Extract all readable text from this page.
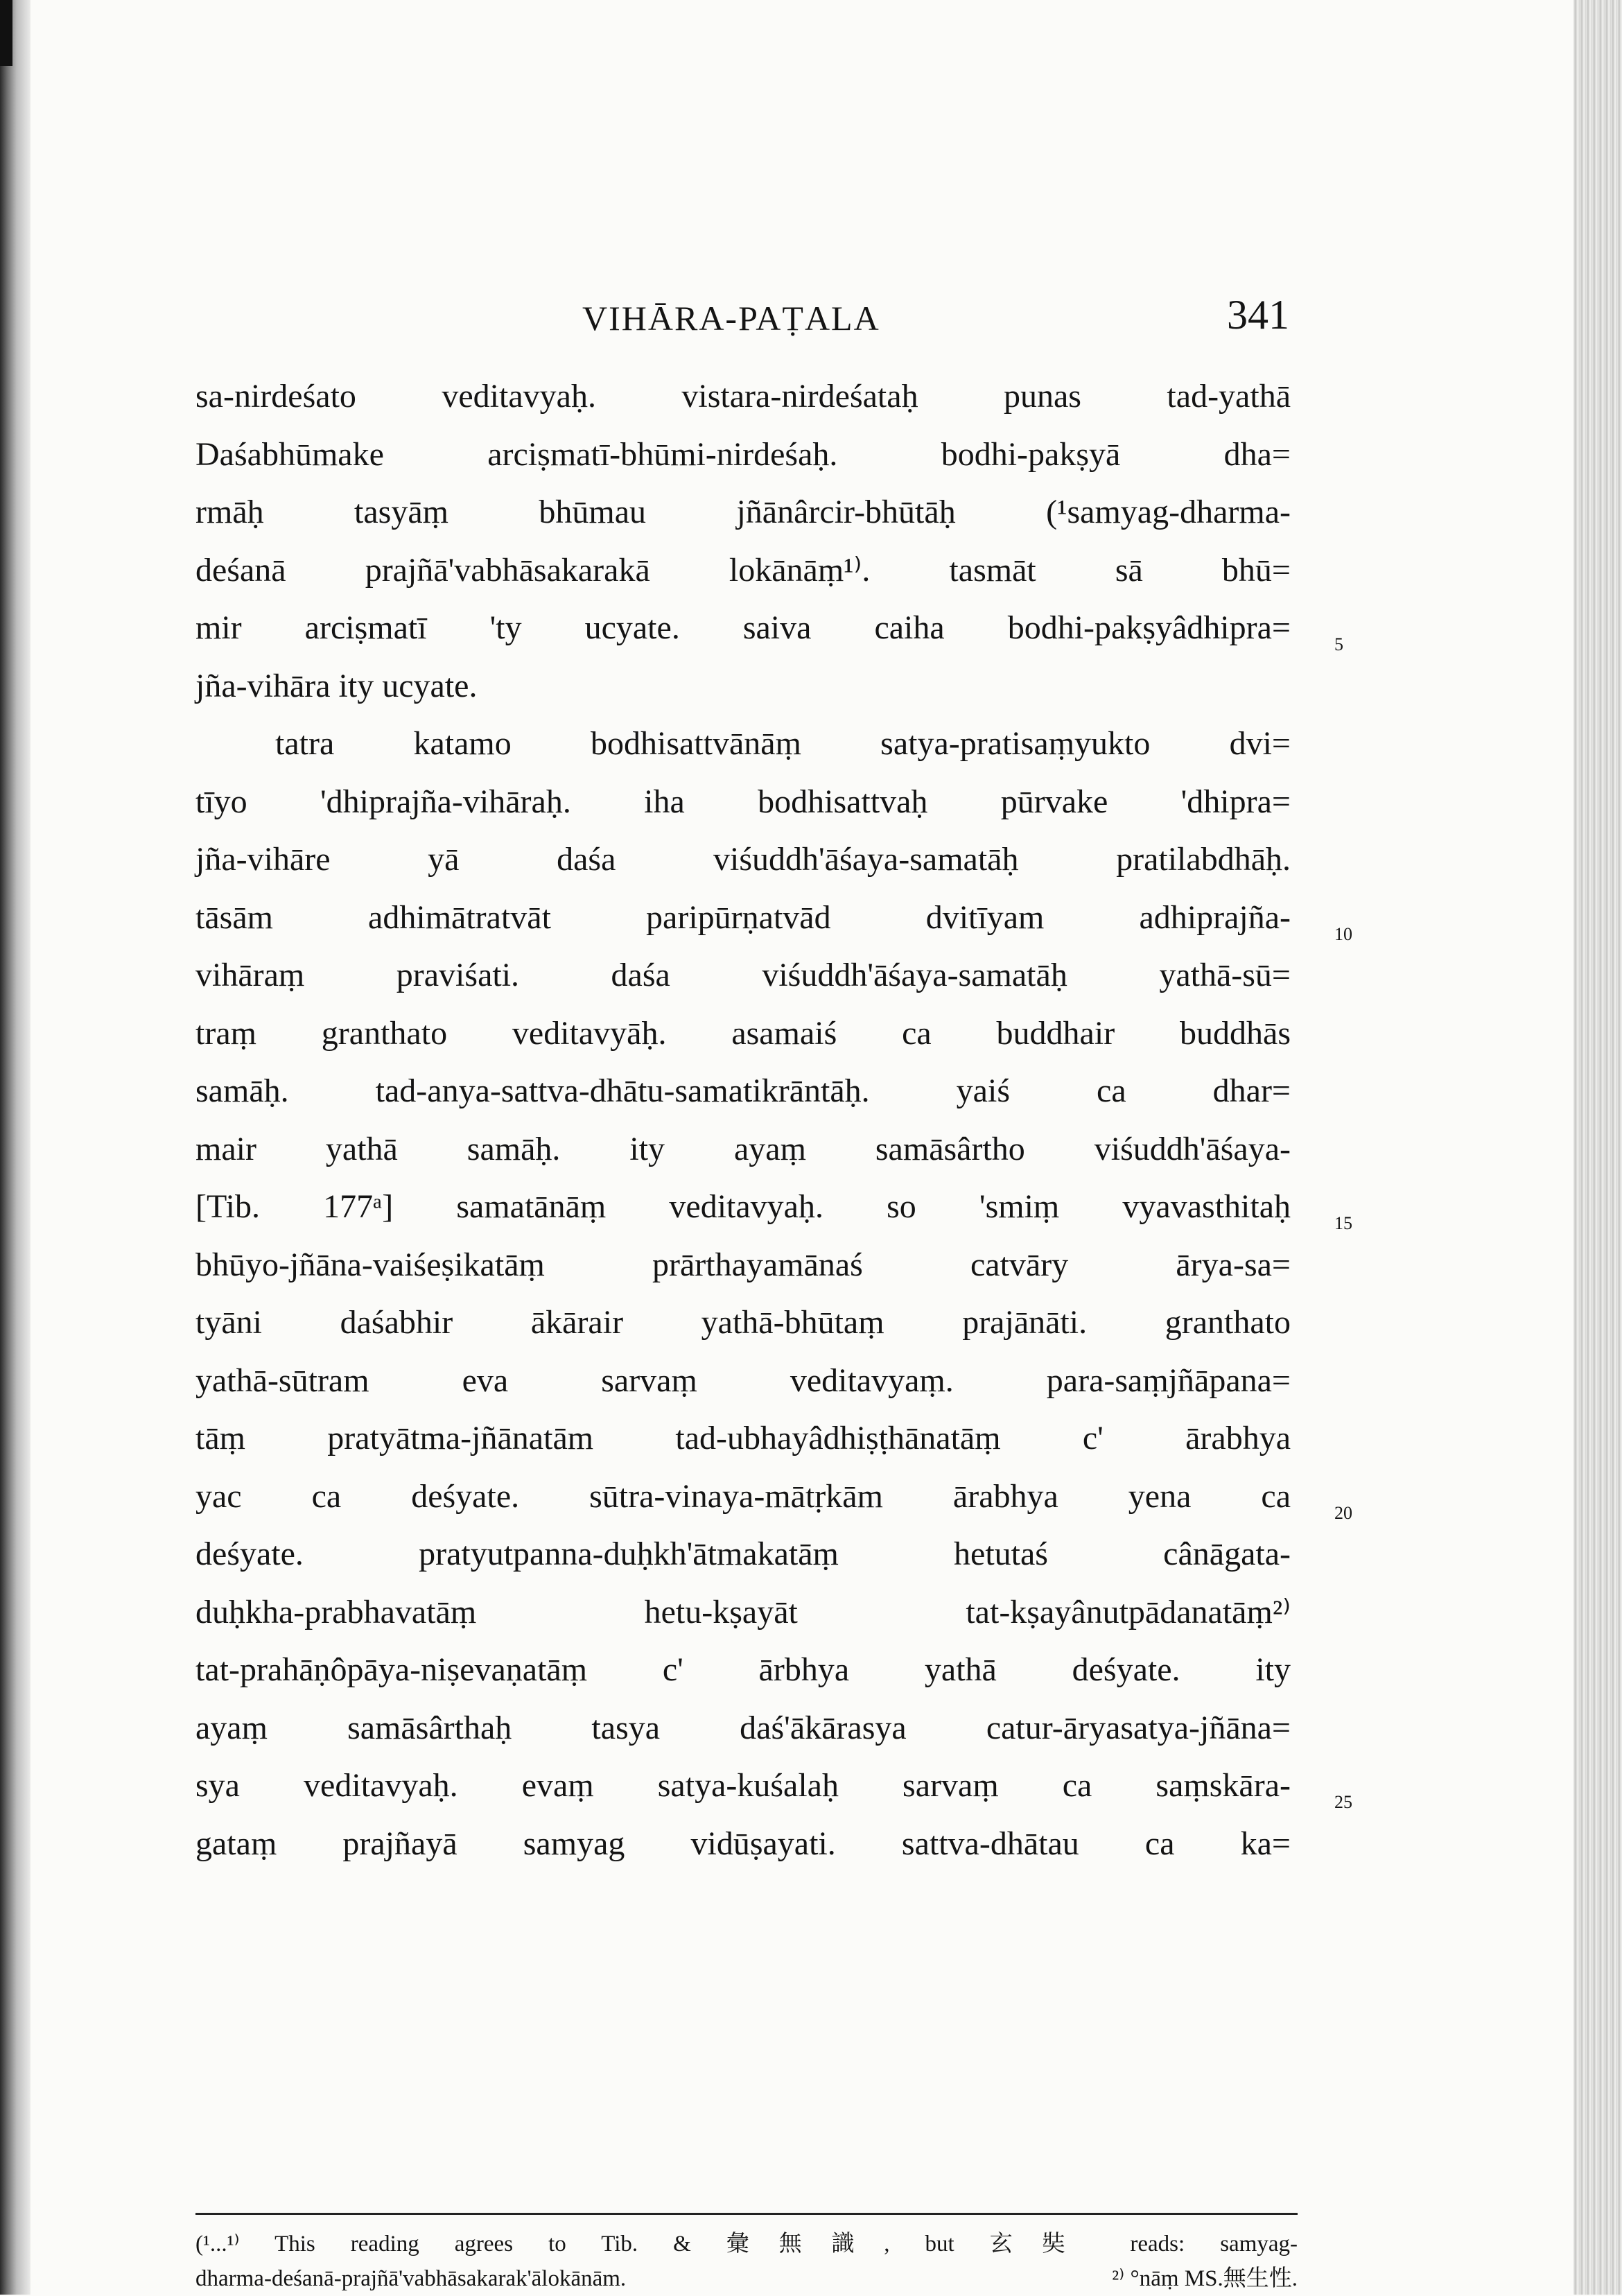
VIHĀRA-PAṬALA	341
sa-nirdeśato veditavyaḥ. vistara-nirdeśataḥ punas tad-yathā
Daśabhūmake arciṣmatī-bhūmi-nirdeśaḥ. bodhi-pakṣyā dha=
rmāḥ tasyāṃ bhūmau jñānârcir-bhūtāḥ (¹samyag-dharma-
deśanā prajñā'vabhāsakarakā lokānāṃ¹⁾. tasmāt sā bhū=
mir arciṣmatī 'ty ucyate. saiva caiha bodhi-pakṣyâdhipra=
jña-vihāra ity ucyate.
tatra katamo bodhisattvānāṃ satya-pratisaṃyukto dvi=
tīyo 'dhiprajña-vihāraḥ. iha bodhisattvaḥ pūrvake 'dhipra=
jña-vihāre yā daśa viśuddh'āśaya-samatāḥ pratilabdhāḥ.
tāsām adhimātratvāt paripūrṇatvād dvitīyam adhiprajña-
vihāraṃ praviśati. daśa viśuddh'āśaya-samatāḥ yathā-sū=
traṃ granthato veditavyāḥ. asamaiś ca buddhair buddhās
samāḥ. tad-anya-sattva-dhātu-samatikrāntāḥ. yaiś ca dhar=
mair yathā samāḥ. ity ayaṃ samāsârtho viśuddh'āśaya-
[Tib. 177ᵃ] samatānāṃ veditavyaḥ. so 'smiṃ vyavasthitaḥ
bhūyo-jñāna-vaiśeṣikatāṃ prārthayamānaś catvāry ārya-sa=
tyāni daśabhir ākārair yathā-bhūtaṃ prajānāti. granthato
yathā-sūtram eva sarvaṃ veditavyaṃ. para-saṃjñāpana=
tāṃ pratyātma-jñānatām tad-ubhayâdhiṣṭhānatāṃ c' ārabhya
yac ca deśyate. sūtra-vinaya-mātṛkām ārabhya yena ca
deśyate. pratyutpanna-duḥkh'ātmakatāṃ hetutaś cânāgata-
duḥkha-prabhavatāṃ hetu-kṣayāt tat-kṣayânutpādanatāṃ²⁾
tat-prahāṇôpāya-niṣevaṇatāṃ c' ārbhya yathā deśyate. ity
ayaṃ samāsârthaḥ tasya daś'ākārasya catur-āryasatya-jñāna=
sya veditavyaḥ. evaṃ satya-kuśalaḥ sarvaṃ ca saṃskāra-
gataṃ prajñayā samyag vidūṣayati. sattva-dhātau ca ka=
5
10
15
20
25
(¹...¹⁾ This reading agrees to Tib. & 彙無識, but 玄奘 reads: samyag-
dharma-deśanā-prajñā'vabhāsakarak'ālokānām.	²⁾ °nāṃ MS.無生性.
